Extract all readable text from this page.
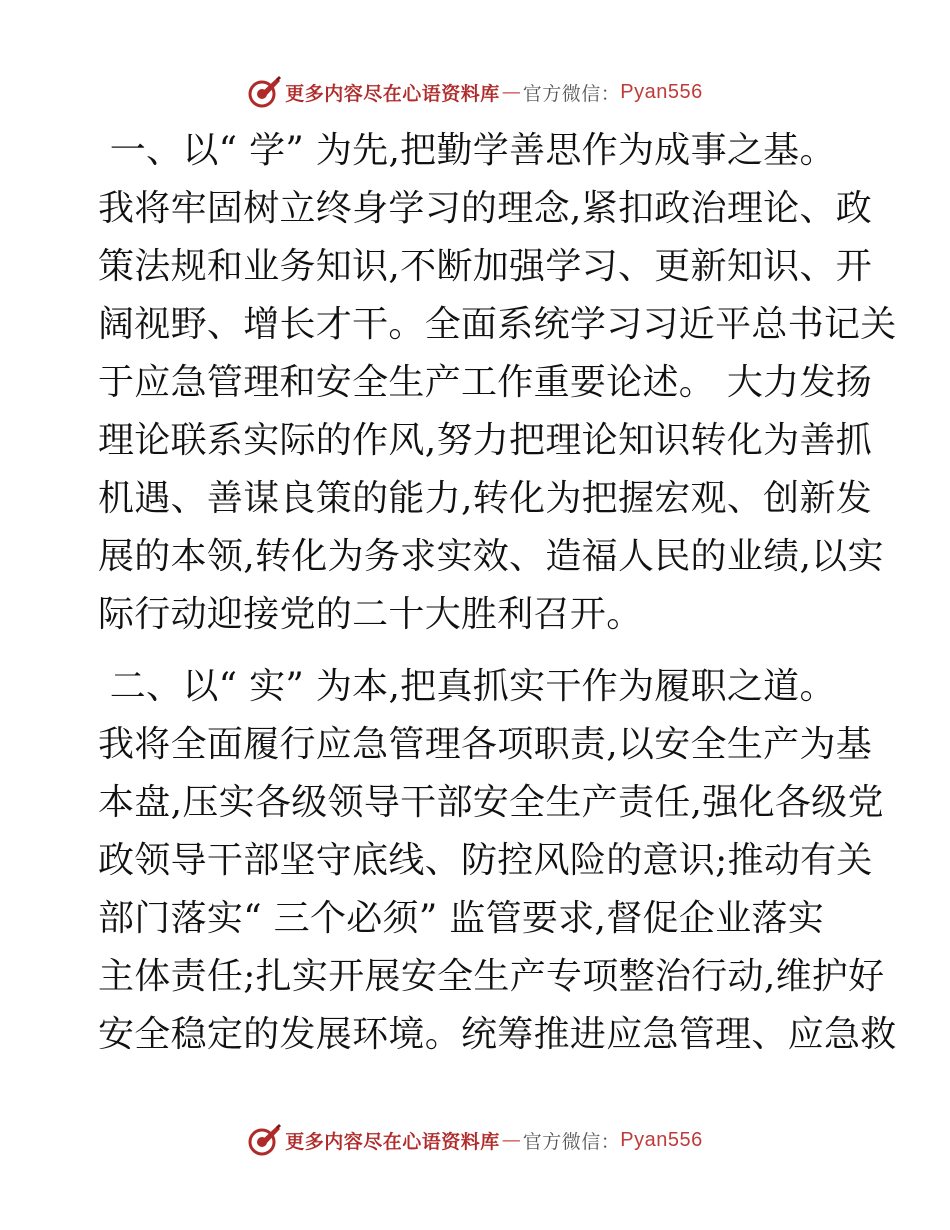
更多内容尽在心语资料库 — 官方微信： Pyan556
一、以“ 学” 为先,把勤学善思作为成事之基。
我将牢固树立终身学习的理念,紧扣政治理论、政
策法规和业务知识,不断加强学习、更新知识、开
阔视野、增长才干。全面系统学习习近平总书记关
于应急管理和安全生产工作重要论述。 大力发扬
理论联系实际的作风,努力把理论知识转化为善抓
机遇、善谋良策的能力,转化为把握宏观、创新发
展的本领,转化为务求实效、造福人民的业绩,以实
际行动迎接党的二十大胜利召开。
二、以“ 实” 为本,把真抓实干作为履职之道。
我将全面履行应急管理各项职责,以安全生产为基
本盘,压实各级领导干部安全生产责任,强化各级党
政领导干部坚守底线、防控风险的意识;推动有关
部门落实“ 三个必须” 监管要求,督促企业落实
主体责任;扎实开展安全生产专项整治行动,维护好
安全稳定的发展环境。统筹推进应急管理、应急救
更多内容尽在心语资料库 — 官方微信： Pyan556
